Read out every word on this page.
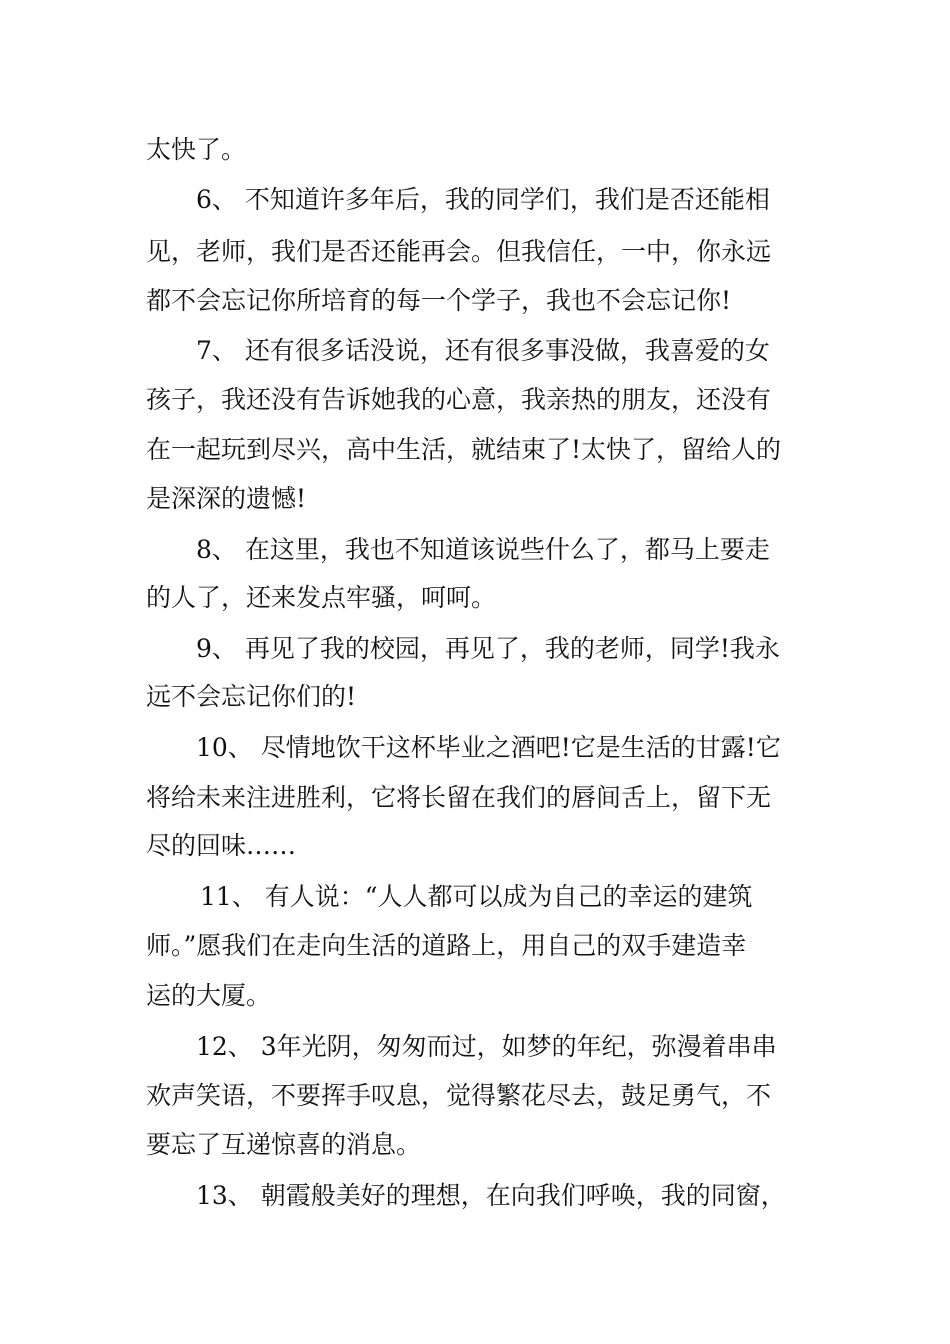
太快了。
6、 不知道许多年后，我的同学们，我们是否还能相
见，老师，我们是否还能再会。但我信任，一中，你永远
都不会忘记你所培育的每一个学子，我也不会忘记你!
7、 还有很多话没说，还有很多事没做，我喜爱的女
孩子，我还没有告诉她我的心意，我亲热的朋友，还没有
在一起玩到尽兴，高中生活，就结束了!太快了，留给人的
是深深的遗憾!
8、 在这里，我也不知道该说些什么了，都马上要走
的人了，还来发点牢骚，呵呵。
9、 再见了我的校园，再见了，我的老师，同学!我永
远不会忘记你们的!
10、 尽情地饮干这杯毕业之酒吧!它是生活的甘露!它
将给未来注进胜利，它将长留在我们的唇间舌上，留下无
尽的回味……
11、 有人说：“人人都可以成为自己的幸运的建筑
师。”愿我们在走向生活的道路上，用自己的双手建造幸
运的大厦。
12、 3年光阴，匆匆而过，如梦的年纪，弥漫着串串
欢声笑语，不要挥手叹息，觉得繁花尽去，鼓足勇气，不
要忘了互递惊喜的消息。
13、 朝霞般美好的理想，在向我们呼唤，我的同窗，
